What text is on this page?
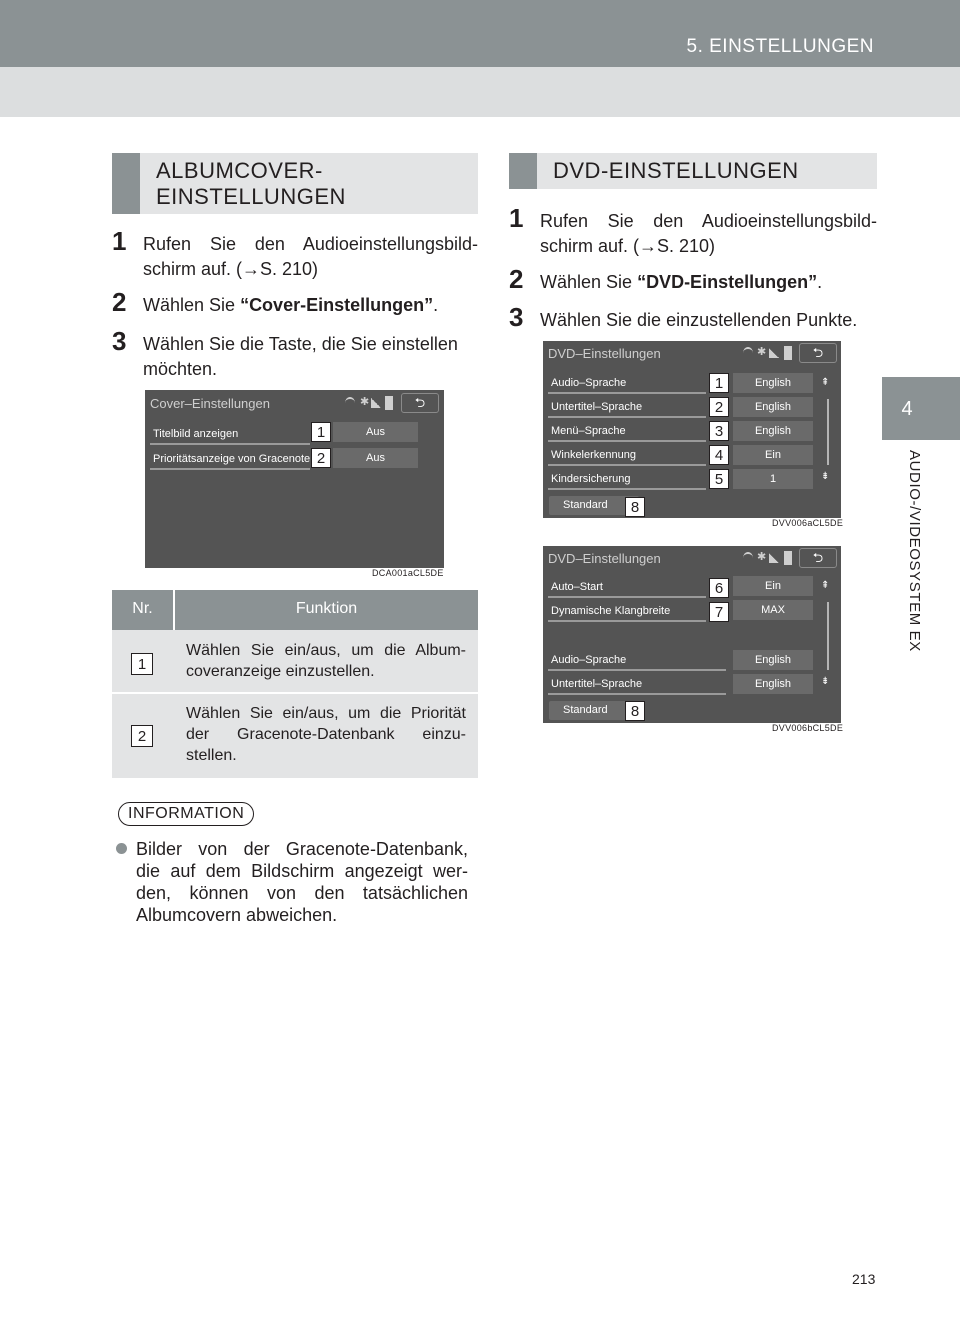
5. EINSTELLUNGEN
4
AUDIO-/VIDEOSYSTEM EX
ALBUMCOVER-
EINSTELLUNGEN
1 Rufen Sie den Audioeinstellungsbild-
schirm auf. (→S. 210)
2 Wählen Sie “Cover-Einstellungen”.
3 Wählen Sie die Taste, die Sie einstellen
möchten.
Cover–Einstellungen	✱	⮌
Titelbild anzeigen	Aus
1
Prioritätsanzeige von Gracenote	Aus
2
DCA001aCL5DE
Nr.	Funktion
1
Wählen Sie ein/aus, um die Album-
coveranzeige einzustellen.
2
Wählen Sie ein/aus, um die Priorität
der Gracenote-Datenbank einzu-
stellen.
INFORMATION
Bilder von der Gracenote-Datenbank,
die auf dem Bildschirm angezeigt wer-
den, können von den tatsächlichen
Albumcovern abweichen.
DVD-EINSTELLUNGEN
1 Rufen Sie den Audioeinstellungsbild-
schirm auf. (→S. 210)
2 Wählen Sie “DVD-Einstellungen”.
3 Wählen Sie die einzustellenden Punkte.
DVD–Einstellungen	✱	⮌
Audio–Sprache	English
1
Untertitel–Sprache	English
2
Menü–Sprache	English
3
Winkelerkennung	Ein
4
Kindersicherung	1
5
⇞
⇟
Standard	8
DVV006aCL5DE
DVD–Einstellungen	✱	⮌
Auto–Start	Ein
6
Dynamische Klangbreite	MAX
7
Audio–Sprache	English
Untertitel–Sprache	English
⇞
⇟
Standard	8
DVV006bCL5DE
213
